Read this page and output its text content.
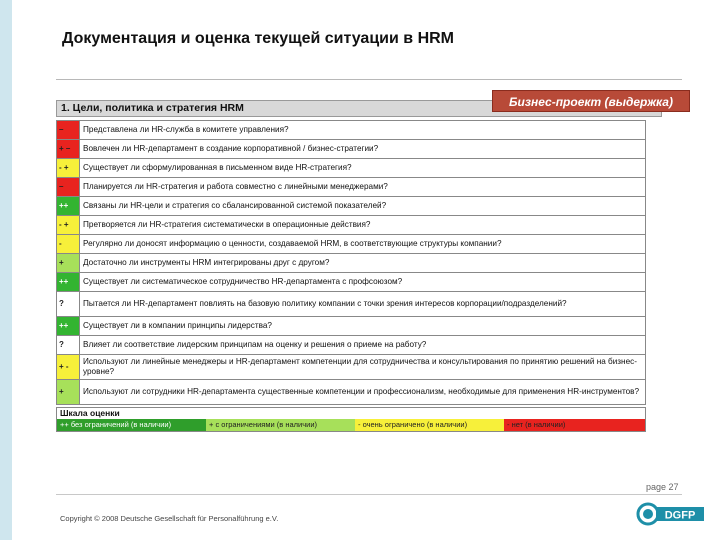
Документация и оценка текущей ситуации в HRM
1. Цели, политика и стратегия HRM	Бизнес-проект (выдержка)
–	Представлена ли HR-служба в комитете управления?
+ –	Вовлечен ли HR-департамент в создание корпоративной / бизнес-стратегии?
- +	Существует ли сформулированная в письменном виде HR-стратегия?
–	Планируется ли HR-стратегия и работа совместно с линейными менеджерами?
++	Связаны ли HR-цели и стратегия со сбалансированной системой показателей?
- +	Претворяется ли HR-стратегия систематически в операционные действия?
-	Регулярно ли доносят информацию о ценности, создаваемой HRM, в соответствующие структуры компании?
+	Достаточно ли инструменты HRM интегрированы друг с другом?
++	Существует ли систематическое сотрудничество HR-департамента с профсоюзом?
?	Пытается ли HR-департамент повлиять на базовую политику компании с точки зрения интересов корпорации/подразделений?
++	Существует ли в компании принципы лидерства?
?	Влияет ли соответствие лидерским принципам на оценку и решения о приеме на работу?
+ -	Используют ли линейные менеджеры и HR-департамент компетенции для сотрудничества и консультирования по принятию решений на бизнес-уровне?
+	Используют ли сотрудники HR-департамента существенные компетенции и профессионализм, необходимые для применения HR-инструментов?
Шкала оценки
++ без ограничений (в наличии)	+ с ограничениями (в наличии)	- очень ограничено (в наличии)	- нет (в наличии)
page 27
Copyright © 2008 Deutsche Gesellschaft für Personalführung e.V.	DGFP
